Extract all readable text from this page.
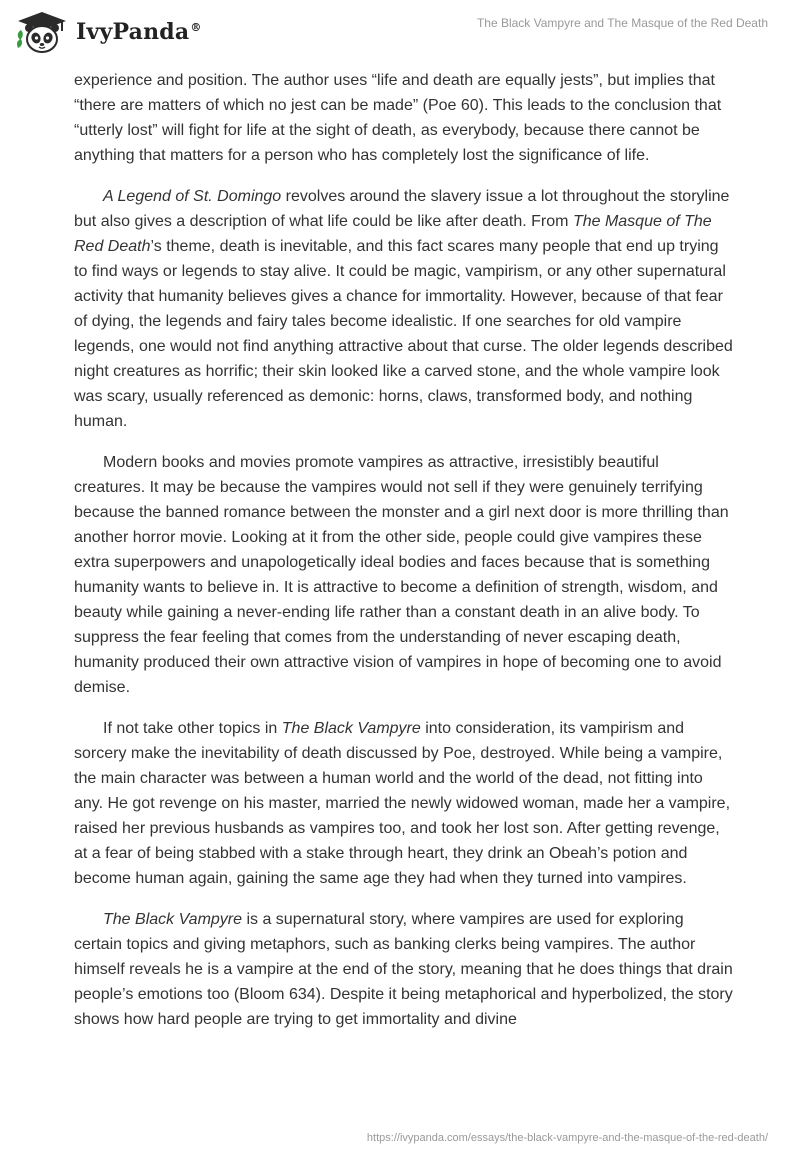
IvyPanda®	The Black Vampyre and The Masque of the Red Death

experience and position. The author uses “life and death are equally jests”, but implies that “there are matters of which no jest can be made” (Poe 60). This leads to the conclusion that “utterly lost” will fight for life at the sight of death, as everybody, because there cannot be anything that matters for a person who has completely lost the significance of life.

A Legend of St. Domingo revolves around the slavery issue a lot throughout the storyline but also gives a description of what life could be like after death. From The Masque of The Red Death’s theme, death is inevitable, and this fact scares many people that end up trying to find ways or legends to stay alive. It could be magic, vampirism, or any other supernatural activity that humanity believes gives a chance for immortality. However, because of that fear of dying, the legends and fairy tales become idealistic. If one searches for old vampire legends, one would not find anything attractive about that curse. The older legends described night creatures as horrific; their skin looked like a carved stone, and the whole vampire look was scary, usually referenced as demonic: horns, claws, transformed body, and nothing human.

Modern books and movies promote vampires as attractive, irresistibly beautiful creatures. It may be because the vampires would not sell if they were genuinely terrifying because the banned romance between the monster and a girl next door is more thrilling than another horror movie. Looking at it from the other side, people could give vampires these extra superpowers and unapologetically ideal bodies and faces because that is something humanity wants to believe in. It is attractive to become a definition of strength, wisdom, and beauty while gaining a never-ending life rather than a constant death in an alive body. To suppress the fear feeling that comes from the understanding of never escaping death, humanity produced their own attractive vision of vampires in hope of becoming one to avoid demise.

If not take other topics in The Black Vampyre into consideration, its vampirism and sorcery make the inevitability of death discussed by Poe, destroyed. While being a vampire, the main character was between a human world and the world of the dead, not fitting into any. He got revenge on his master, married the newly widowed woman, made her a vampire, raised her previous husbands as vampires too, and took her lost son. After getting revenge, at a fear of being stabbed with a stake through heart, they drink an Obeah’s potion and become human again, gaining the same age they had when they turned into vampires.

The Black Vampyre is a supernatural story, where vampires are used for exploring certain topics and giving metaphors, such as banking clerks being vampires. The author himself reveals he is a vampire at the end of the story, meaning that he does things that drain people’s emotions too (Bloom 634). Despite it being metaphorical and hyperbolized, the story shows how hard people are trying to get immortality and divine

https://ivypanda.com/essays/the-black-vampyre-and-the-masque-of-the-red-death/
